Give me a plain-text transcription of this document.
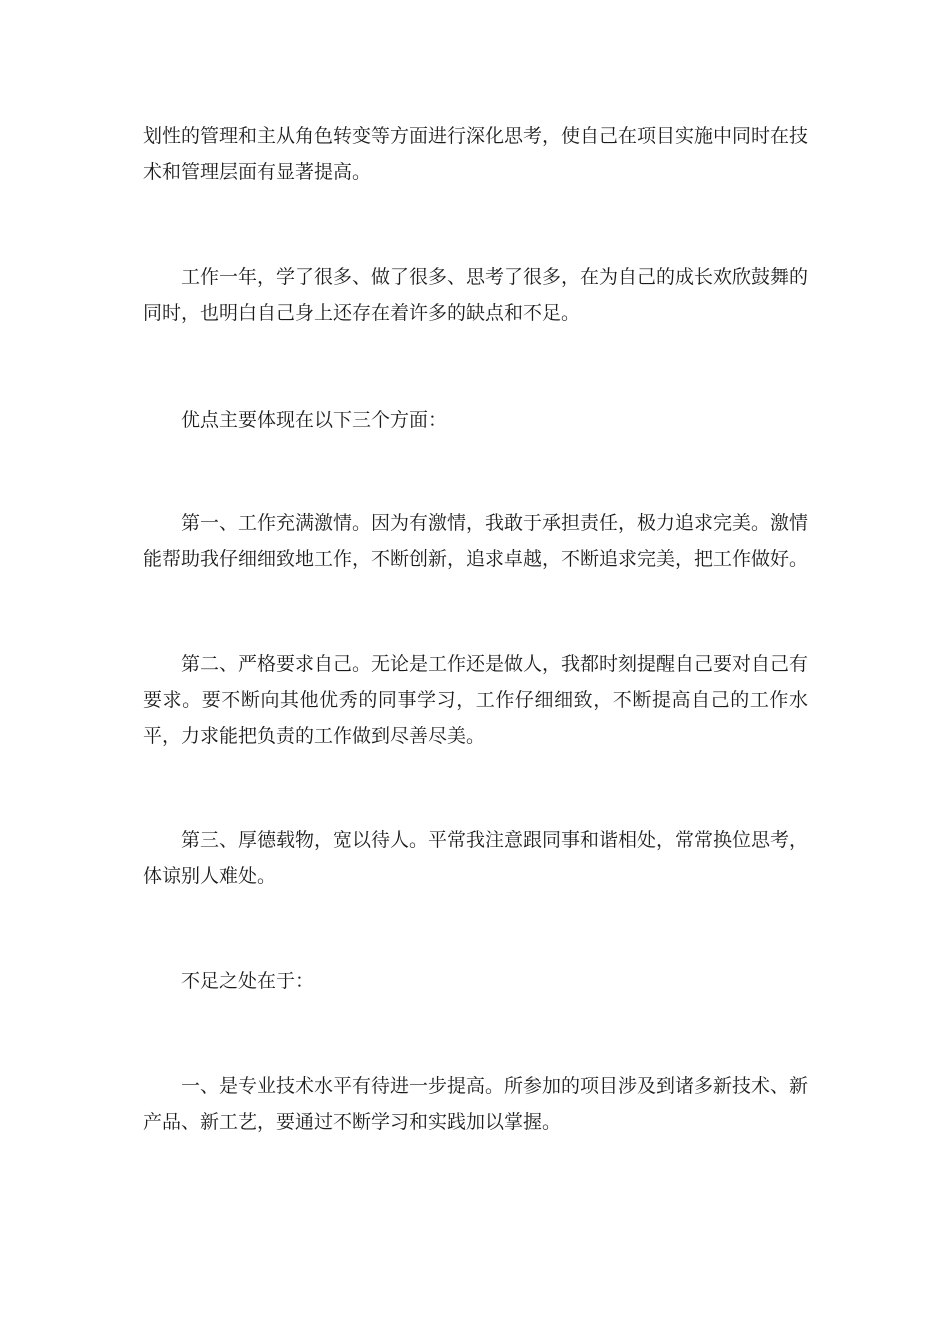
划性的管理和主从角色转变等方面进行深化思考，使自己在项目实施中同时在技术和管理层面有显著提高。

工作一年，学了很多、做了很多、思考了很多，在为自己的成长欢欣鼓舞的同时，也明白自己身上还存在着许多的缺点和不足。

优点主要体现在以下三个方面：

第一、工作充满激情。因为有激情，我敢于承担责任，极力追求完美。激情能帮助我仔细细致地工作，不断创新，追求卓越，不断追求完美，把工作做好。

第二、严格要求自己。无论是工作还是做人，我都时刻提醒自己要对自己有要求。要不断向其他优秀的同事学习，工作仔细细致，不断提高自己的工作水平，力求能把负责的工作做到尽善尽美。

第三、厚德载物，宽以待人。平常我注意跟同事和谐相处，常常换位思考，体谅别人难处。

不足之处在于：

一、是专业技术水平有待进一步提高。所参加的项目涉及到诸多新技术、新产品、新工艺，要通过不断学习和实践加以掌握。
